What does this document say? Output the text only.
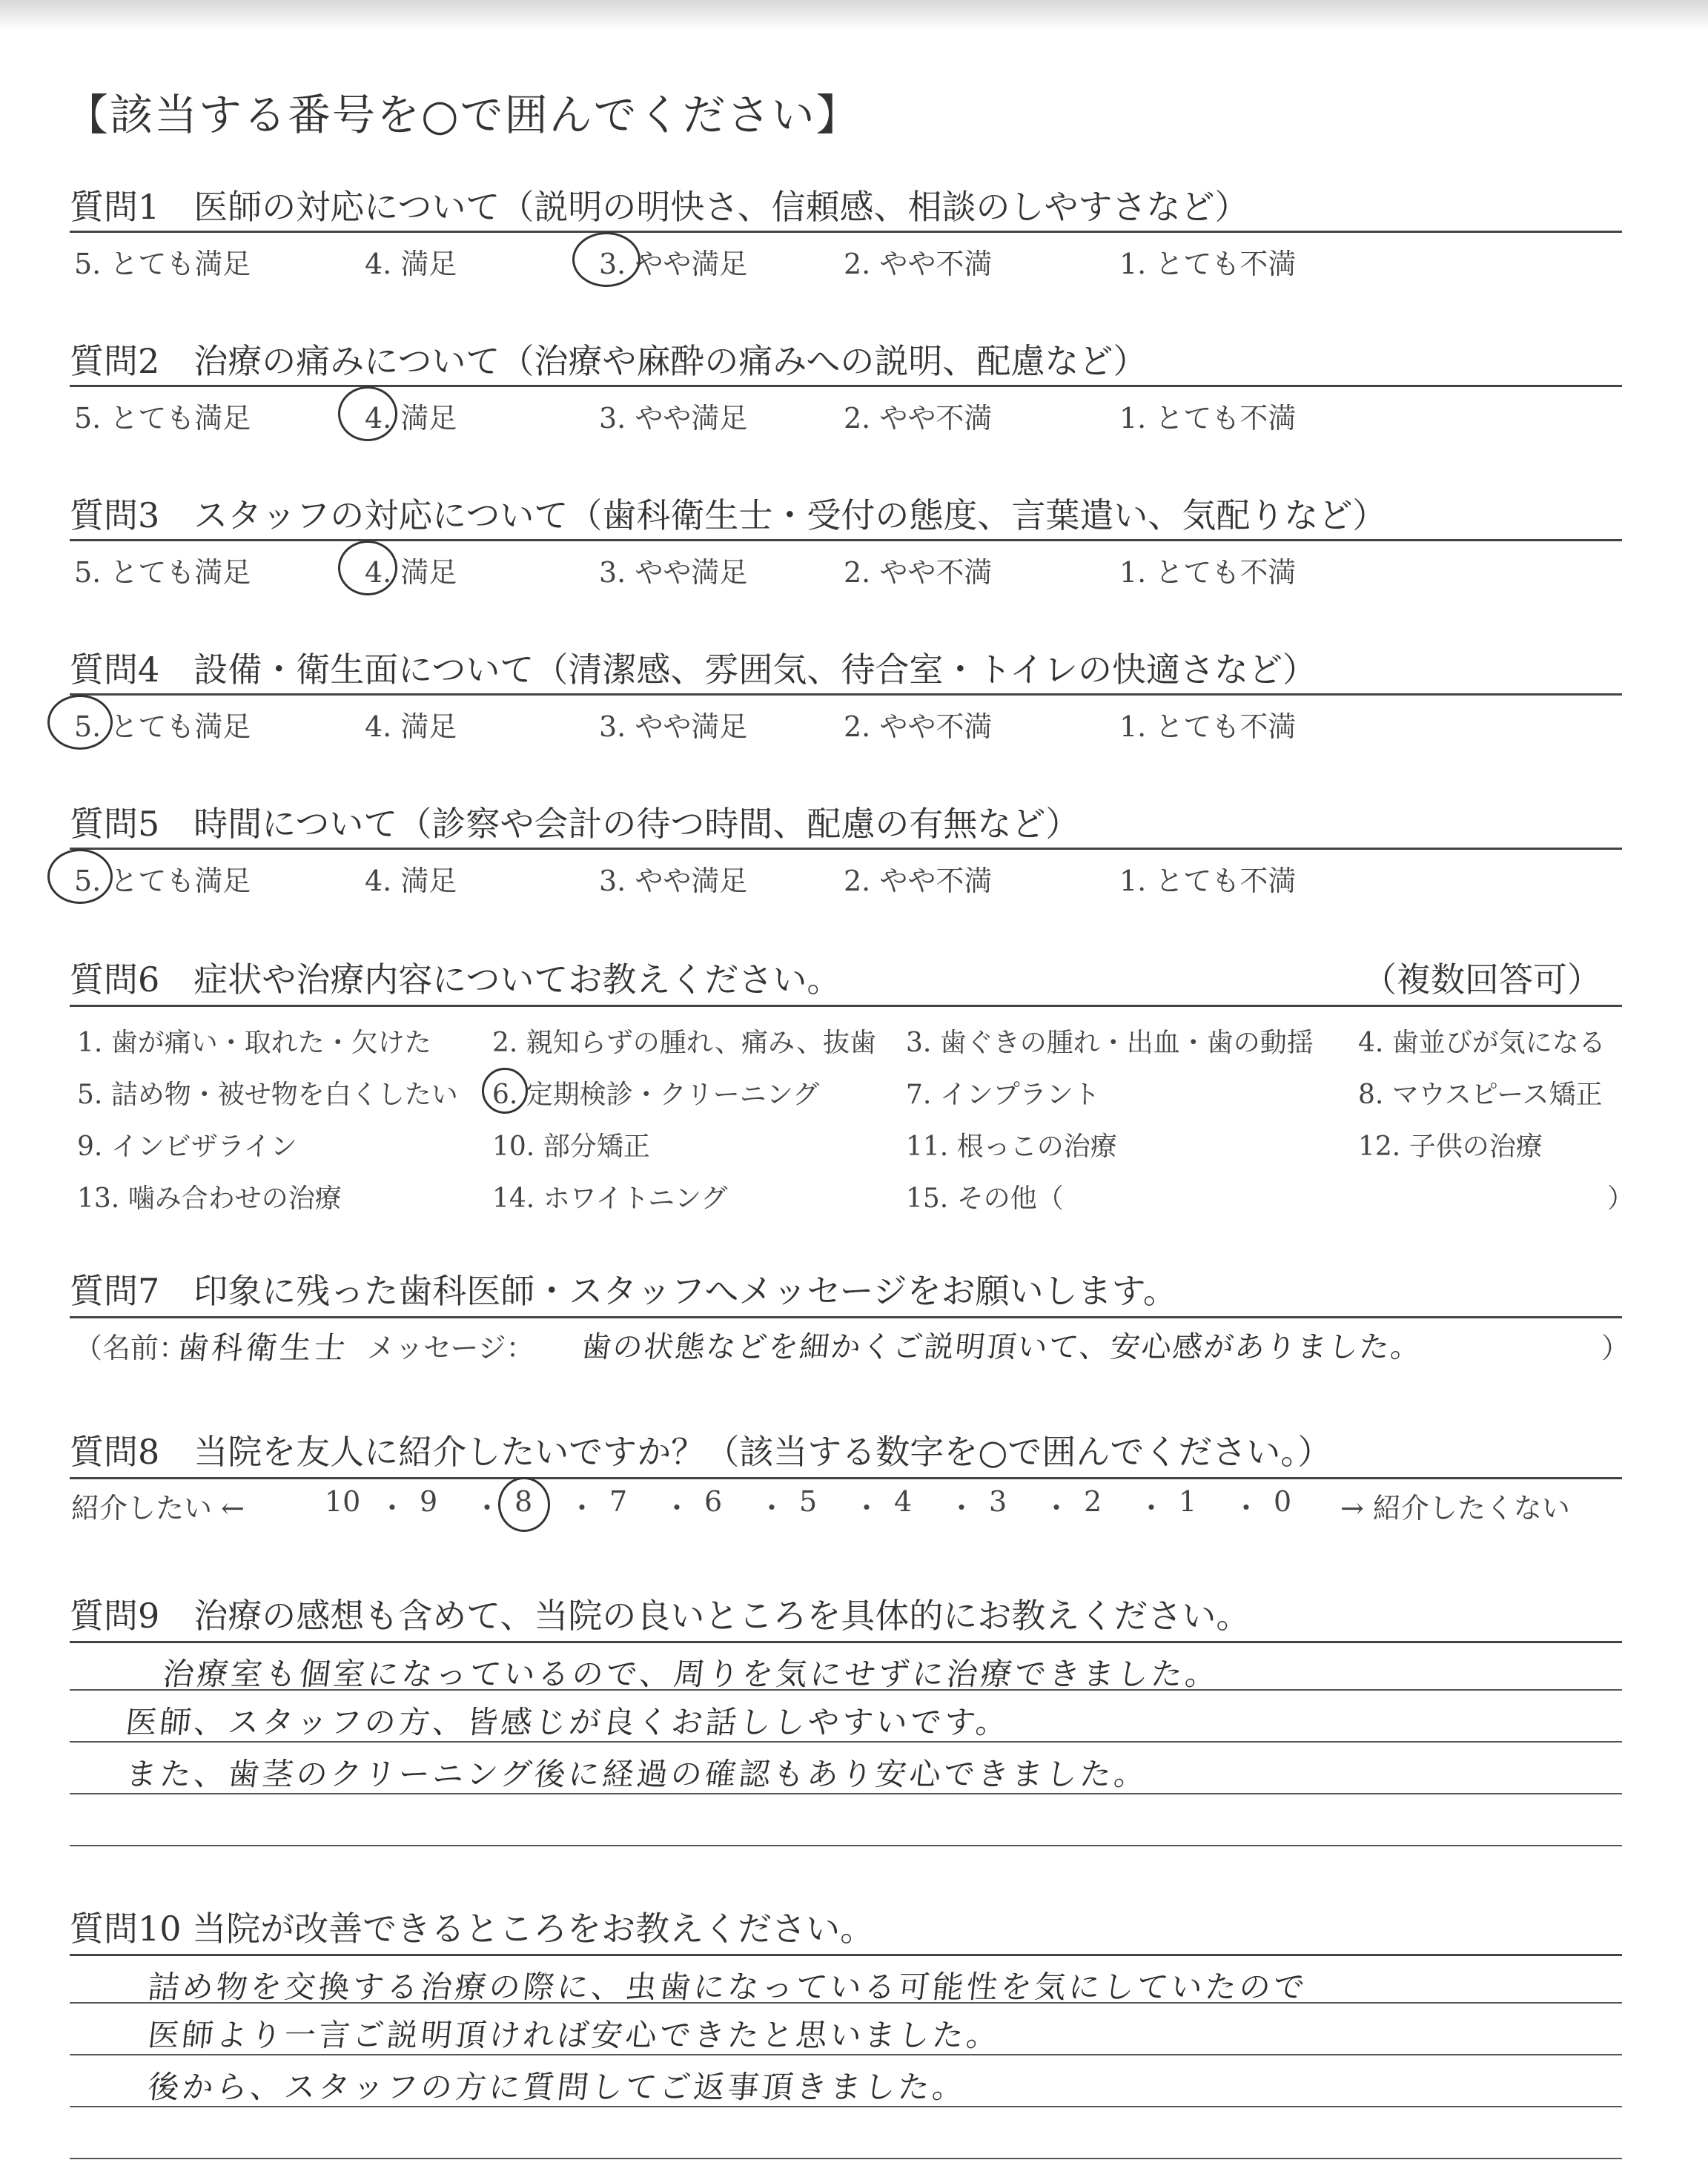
【該当する番号を○で囲んでください】
質問1　医師の対応について（説明の明快さ、信頼感、相談のしやすさなど）
5. とても満足	4. 満足	3. やや満足	2. やや不満	1. とても不満
質問2　治療の痛みについて（治療や麻酔の痛みへの説明、配慮など）
5. とても満足	4. 満足	3. やや満足	2. やや不満	1. とても不満
質問3　スタッフの対応について（歯科衛生士・受付の態度、言葉遣い、気配りなど）
5. とても満足	4. 満足	3. やや満足	2. やや不満	1. とても不満
質問4　設備・衛生面について（清潔感、雰囲気、待合室・トイレの快適さなど）
5. とても満足	4. 満足	3. やや満足	2. やや不満	1. とても不満
質問5　時間について（診察や会計の待つ時間、配慮の有無など）
5. とても満足	4. 満足	3. やや満足	2. やや不満	1. とても不満
質問6　症状や治療内容についてお教えください。	（複数回答可）
1. 歯が痛い・取れた・欠けた 2. 親知らずの腫れ、痛み、抜歯 3. 歯ぐきの腫れ・出血・歯の動揺 4. 歯並びが気になる
5. 詰め物・被せ物を白くしたい 6. 定期検診・クリーニング	7. インプラント	8. マウスピース矯正
9. インビザライン	10. 部分矯正	11. 根っこの治療	12. 子供の治療
13. 噛み合わせの治療	14. ホワイトニング	15. その他（	）
質問7　印象に残った歯科医師・スタッフへメッセージをお願いします。
（名前：
歯科衛生士 メッセージ： 歯の状態などを細かくご説明頂いて、安心感がありました。	）
質問8　当院を友人に紹介したいですか？（該当する数字を○で囲んでください。）
紹介したい ←	10 ・ 9 ・ 8 ・ 7 ・ 6 ・ 5 ・ 4 ・ 3 ・ 2 ・ 1 ・ 0 → 紹介したくない
質問9　治療の感想も含めて、当院の良いところを具体的にお教えください。
治療室も個室になっているので、周りを気にせずに治療できました。
医師、スタッフの方、皆感じが良くお話ししやすいです。
また、歯茎のクリーニング後に経過の確認もあり安心できました。
質問10 当院が改善できるところをお教えください。
詰め物を交換する治療の際に、虫歯になっている可能性を気にしていたので
医師より一言ご説明頂ければ安心できたと思いました。
後から、スタッフの方に質問してご返事頂きました。
